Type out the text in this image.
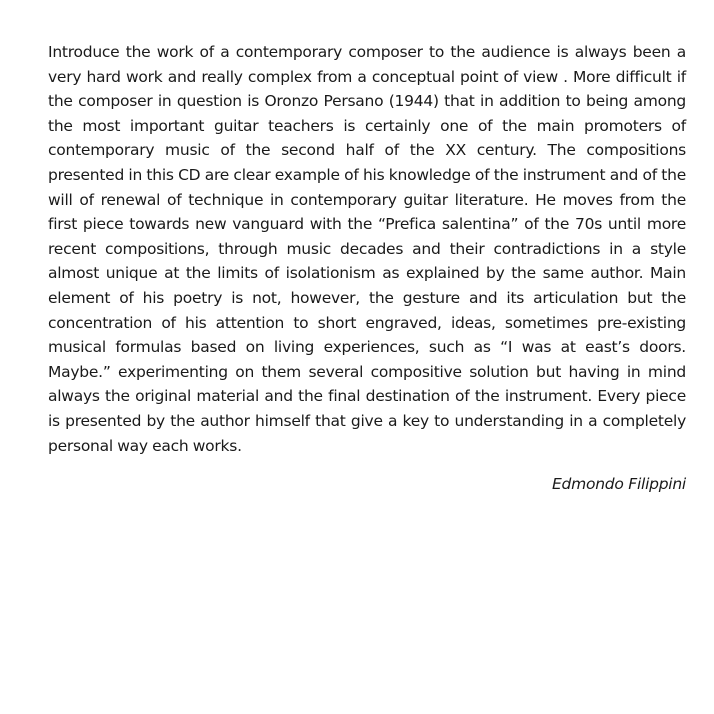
Introduce the work of a contemporary composer to the audience is always been a very hard work and really complex from a conceptual point of view . More difficult if the composer in question is Oronzo Persano (1944) that in addition to being among the most important guitar teachers is certainly one of the main promoters of contemporary music of the second half of the XX century. The compositions presented in this CD are clear example of his knowledge of the instrument and of the will of renewal of technique in contemporary guitar literature. He moves from the first piece towards new vanguard with the “Prefica salentina” of the 70s until more recent compositions, through music decades and their contradictions in a style almost unique at the limits of isolationism as explained by the same author. Main element of his poetry is not, however, the gesture and its articulation but the concentration of his attention to short engraved, ideas, sometimes pre-existing musical formulas based on living experiences, such as “I was at east’s doors. Maybe.” experimenting on them several compositive solution but having in mind always the original material and the final destination of the instrument. Every piece is presented by the author himself that give a key to understanding in a completely personal way each works.

Edmondo Filippini
